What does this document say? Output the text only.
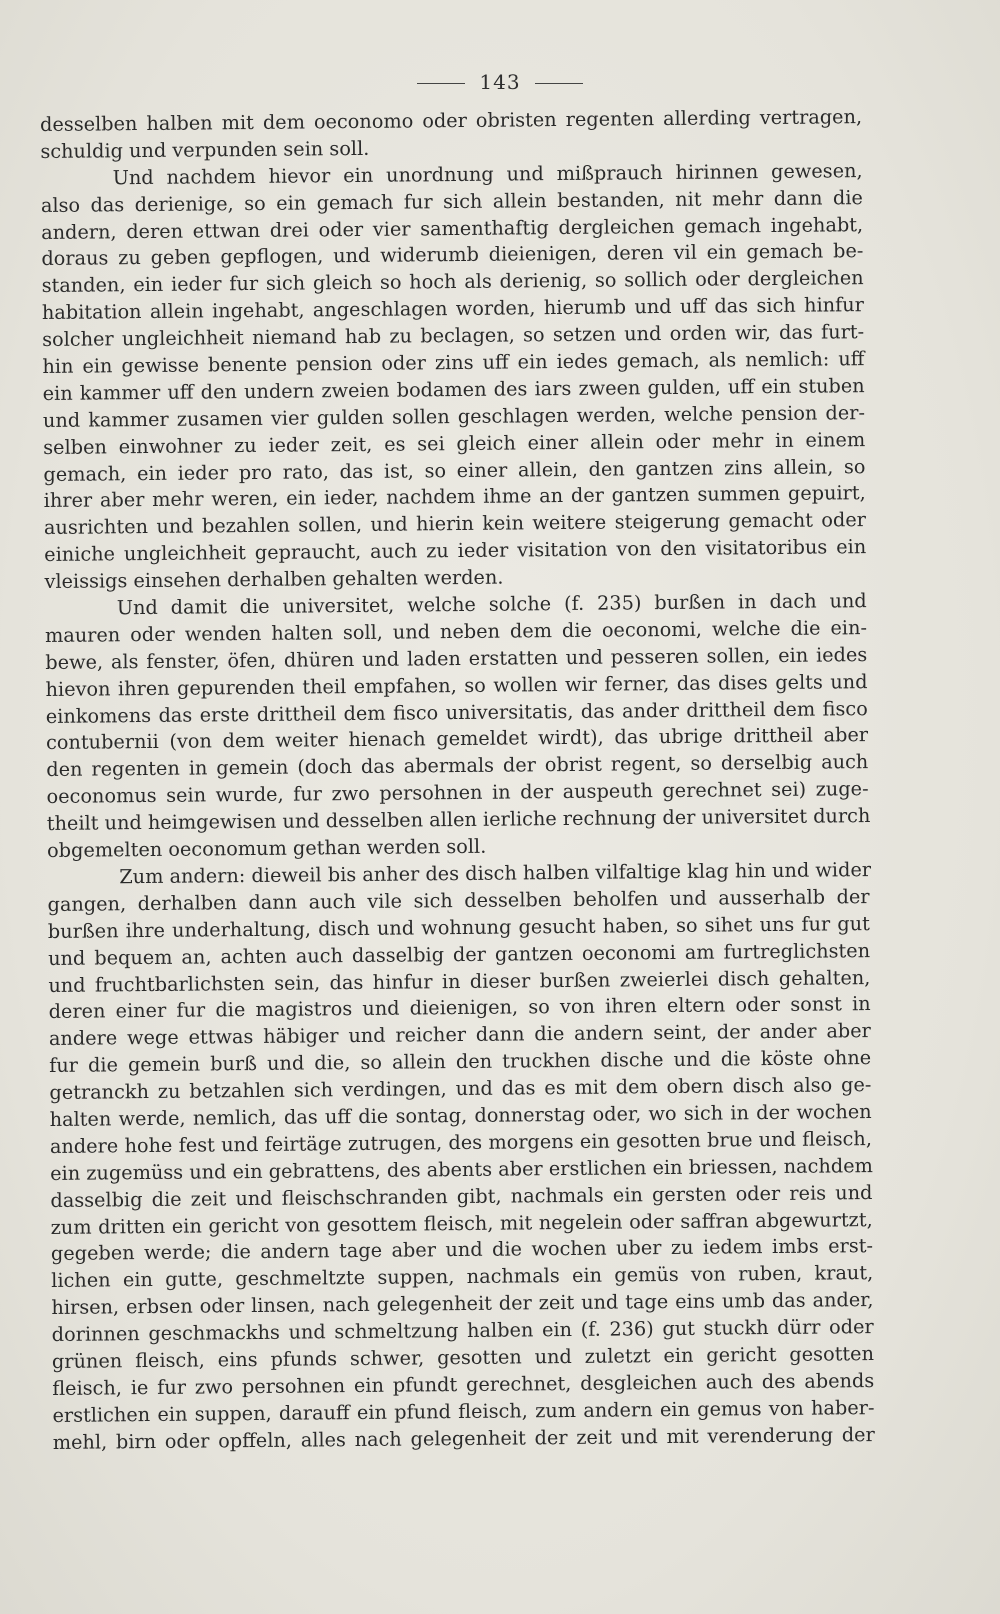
143
desselben halben mit dem oeconomo oder obristen regenten allerding vertragen,
schuldig und verpunden sein soll.
Und nachdem hievor ein unordnung und mißprauch hirinnen gewesen,
also das derienige, so ein gemach fur sich allein bestanden, nit mehr dann die
andern, deren ettwan drei oder vier samenthaftig dergleichen gemach ingehabt,
doraus zu geben gepflogen, und widerumb dieienigen, deren vil ein gemach be-
standen, ein ieder fur sich gleich so hoch als derienig, so sollich oder dergleichen
habitation allein ingehabt, angeschlagen worden, hierumb und uff das sich hinfur
solcher ungleichheit niemand hab zu beclagen, so setzen und orden wir, das furt-
hin ein gewisse benente pension oder zins uff ein iedes gemach, als nemlich: uff
ein kammer uff den undern zweien bodamen des iars zween gulden, uff ein stuben
und kammer zusamen vier gulden sollen geschlagen werden, welche pension der-
selben einwohner zu ieder zeit, es sei gleich einer allein oder mehr in einem
gemach, ein ieder pro rato, das ist, so einer allein, den gantzen zins allein, so
ihrer aber mehr weren, ein ieder, nachdem ihme an der gantzen summen gepuirt,
ausrichten und bezahlen sollen, und hierin kein weitere steigerung gemacht oder
einiche ungleichheit gepraucht, auch zu ieder visitation von den visitatoribus ein
vleissigs einsehen derhalben gehalten werden.
Und damit die universitet, welche solche (f. 235) burßen in dach und
mauren oder wenden halten soll, und neben dem die oeconomi, welche die ein-
bewe, als fenster, öfen, dhüren und laden erstatten und pesseren sollen, ein iedes
hievon ihren gepurenden theil empfahen, so wollen wir ferner, das dises gelts und
einkomens das erste drittheil dem fisco universitatis, das ander drittheil dem fisco
contubernii (von dem weiter hienach gemeldet wirdt), das ubrige drittheil aber
den regenten in gemein (doch das abermals der obrist regent, so derselbig auch
oeconomus sein wurde, fur zwo persohnen in der auspeuth gerechnet sei) zuge-
theilt und heimgewisen und desselben allen ierliche rechnung der universitet durch
obgemelten oeconomum gethan werden soll.
Zum andern: dieweil bis anher des disch halben vilfaltige klag hin und wider
gangen, derhalben dann auch vile sich desselben beholfen und ausserhalb der
burßen ihre underhaltung, disch und wohnung gesucht haben, so sihet uns fur gut
und bequem an, achten auch dasselbig der gantzen oeconomi am furtreglichsten
und fruchtbarlichsten sein, das hinfur in dieser burßen zweierlei disch gehalten,
deren einer fur die magistros und dieienigen, so von ihren eltern oder sonst in
andere wege ettwas häbiger und reicher dann die andern seint, der ander aber
fur die gemein burß und die, so allein den truckhen dische und die köste ohne
getranckh zu betzahlen sich verdingen, und das es mit dem obern disch also ge-
halten werde, nemlich, das uff die sontag, donnerstag oder, wo sich in der wochen
andere hohe fest und feirtäge zutrugen, des morgens ein gesotten brue und fleisch,
ein zugemüss und ein gebrattens, des abents aber erstlichen ein briessen, nachdem
dasselbig die zeit und fleischschranden gibt, nachmals ein gersten oder reis und
zum dritten ein gericht von gesottem fleisch, mit negelein oder saffran abgewurtzt,
gegeben werde; die andern tage aber und die wochen uber zu iedem imbs erst-
lichen ein gutte, geschmeltzte suppen, nachmals ein gemüs von ruben, kraut,
hirsen, erbsen oder linsen, nach gelegenheit der zeit und tage eins umb das ander,
dorinnen geschmackhs und schmeltzung halben ein (f. 236) gut stuckh dürr oder
grünen fleisch, eins pfunds schwer, gesotten und zuletzt ein gericht gesotten
fleisch, ie fur zwo persohnen ein pfundt gerechnet, desgleichen auch des abends
erstlichen ein suppen, darauff ein pfund fleisch, zum andern ein gemus von haber-
mehl, birn oder opffeln, alles nach gelegenheit der zeit und mit verenderung der
